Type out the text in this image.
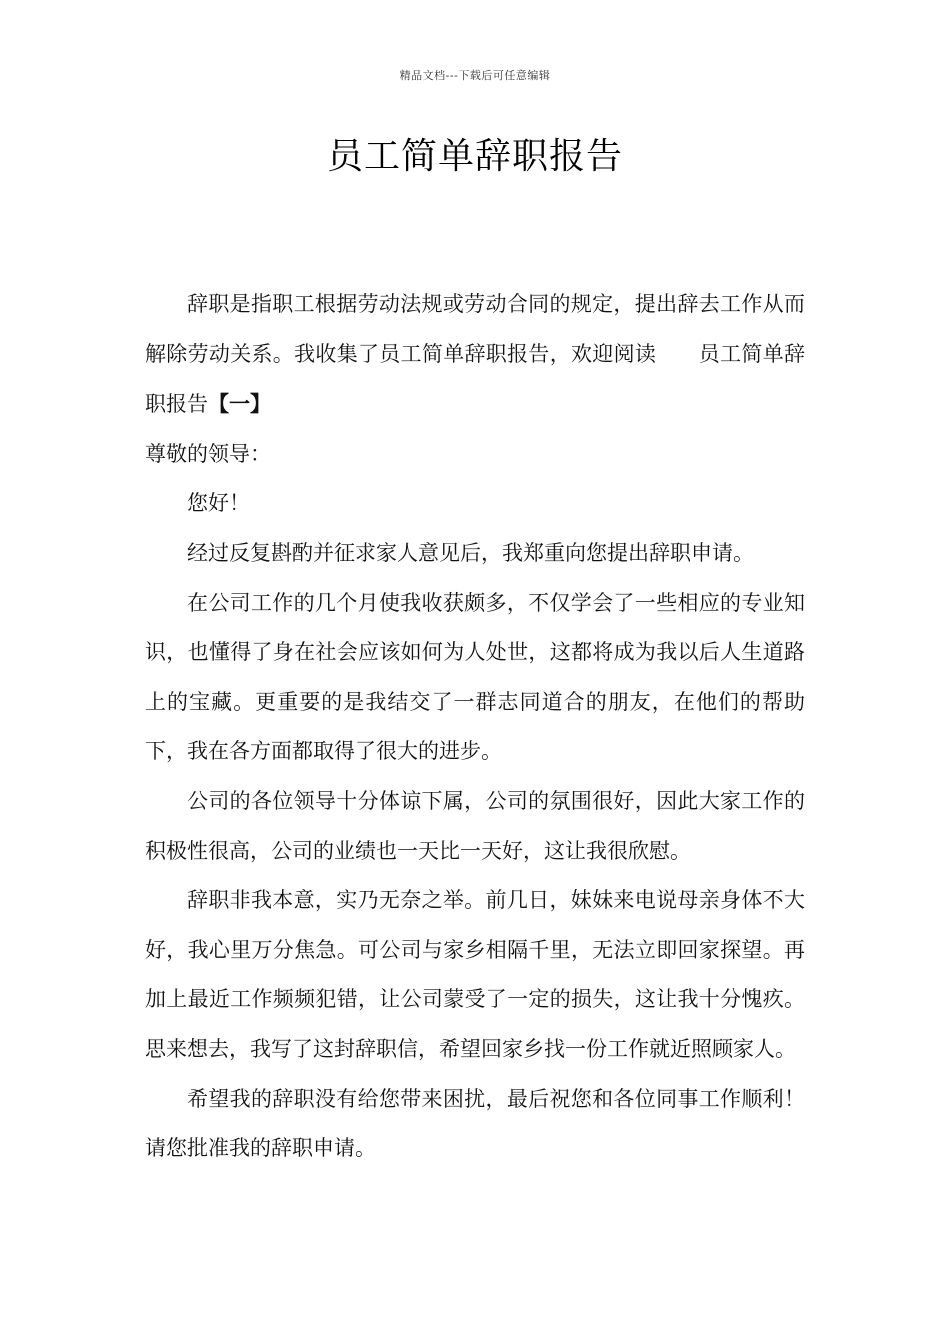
精品文档---下载后可任意编辑
员工简单辞职报告

辞职是指职工根据劳动法规或劳动合同的规定，提出辞去工作从而解除劳动关系。我收集了员工简单辞职报告，欢迎阅读　　员工简单辞职报告【一】

尊敬的领导：

您好！

经过反复斟酌并征求家人意见后，我郑重向您提出辞职申请。

在公司工作的几个月使我收获颇多，不仅学会了一些相应的专业知识，也懂得了身在社会应该如何为人处世，这都将成为我以后人生道路上的宝藏。更重要的是我结交了一群志同道合的朋友，在他们的帮助下，我在各方面都取得了很大的进步。

公司的各位领导十分体谅下属，公司的氛围很好，因此大家工作的积极性很高，公司的业绩也一天比一天好，这让我很欣慰。

辞职非我本意，实乃无奈之举。前几日，妹妹来电说母亲身体不大好，我心里万分焦急。可公司与家乡相隔千里，无法立即回家探望。再加上最近工作频频犯错，让公司蒙受了一定的损失，这让我十分愧疚。思来想去，我写了这封辞职信，希望回家乡找一份工作就近照顾家人。

希望我的辞职没有给您带来困扰，最后祝您和各位同事工作顺利！请您批准我的辞职申请。
